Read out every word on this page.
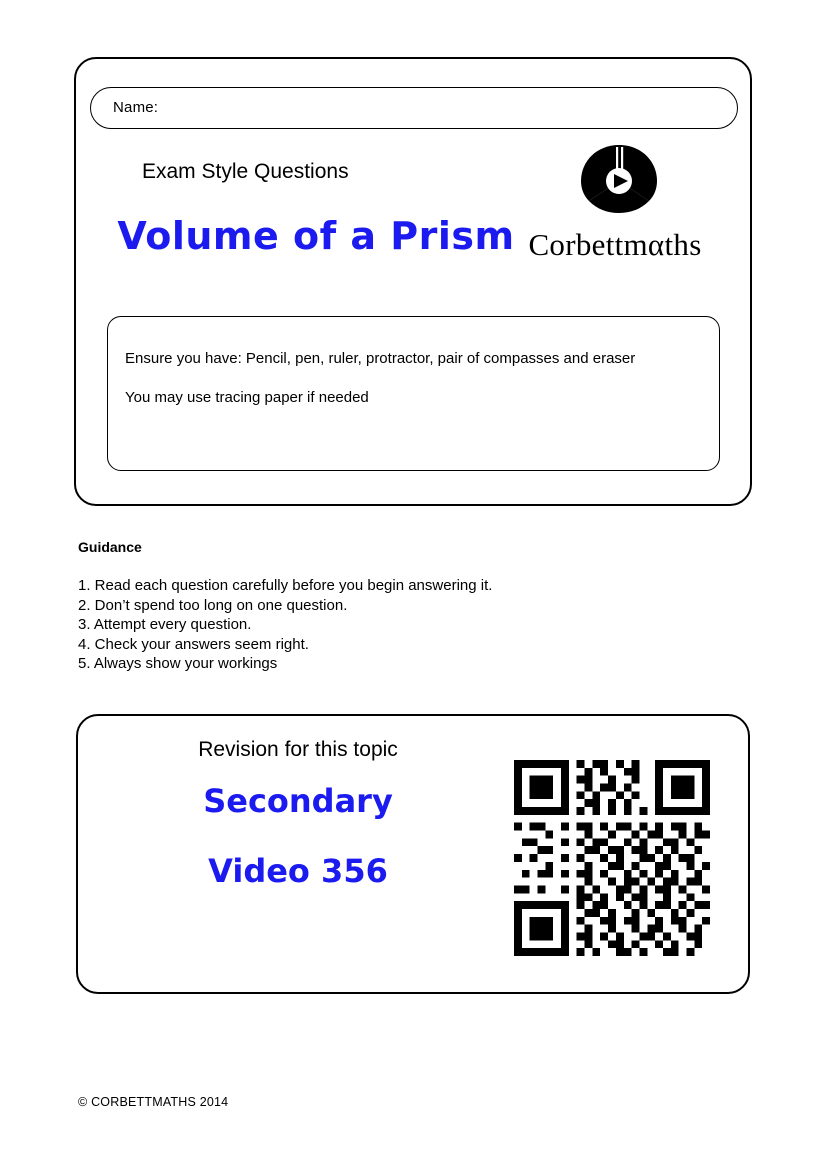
Name:
Exam Style Questions
Volume of a Prism Corbettmαths
Ensure you have: Pencil, pen, ruler, protractor, pair of compasses and eraser
You may use tracing paper if needed
Guidance
1. Read each question carefully before you begin answering it.
2. Don’t spend too long on one question.
3. Attempt every question.
4. Check your answers seem right.
5. Always show your workings
Revision for this topic
Secondary
Video 356
© CORBETTMATHS 2014
